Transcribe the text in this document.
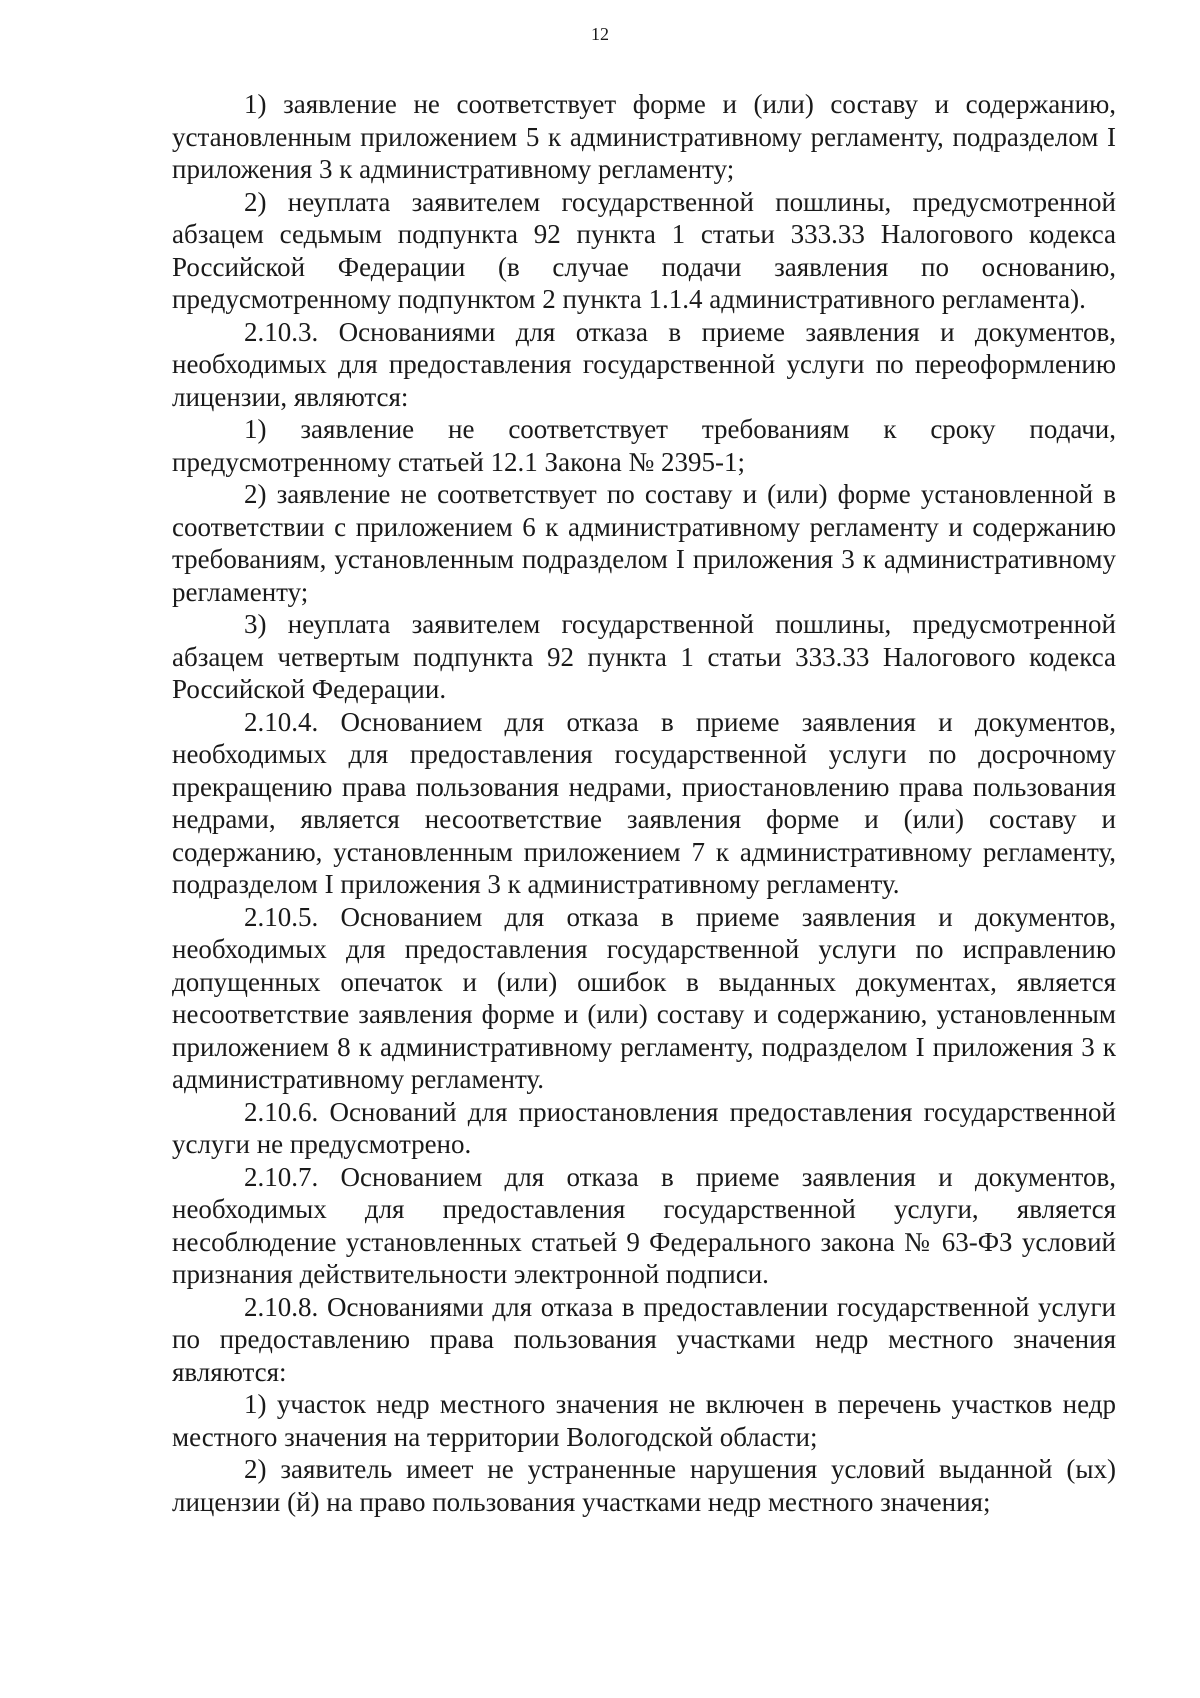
12

1) заявление не соответствует форме и (или) составу и содержанию, установленным приложением 5 к административному регламенту, подразделом I приложения 3 к административному регламенту;

2) неуплата заявителем государственной пошлины, предусмотренной абзацем седьмым подпункта 92 пункта 1 статьи 333.33 Налогового кодекса Российской Федерации (в случае подачи заявления по основанию, предусмотренному подпунктом 2 пункта 1.1.4 административного регламента).

2.10.3. Основаниями для отказа в приеме заявления и документов, необходимых для предоставления государственной услуги по переоформлению лицензии, являются:

1) заявление не соответствует требованиям к сроку подачи, предусмотренному статьей 12.1 Закона № 2395-1;

2) заявление не соответствует по составу и (или) форме установленной в соответствии с приложением 6 к административному регламенту и содержанию требованиям, установленным подразделом I приложения 3 к административному регламенту;

3) неуплата заявителем государственной пошлины, предусмотренной абзацем четвертым подпункта 92 пункта 1 статьи 333.33 Налогового кодекса Российской Федерации.

2.10.4. Основанием для отказа в приеме заявления и документов, необходимых для предоставления государственной услуги по досрочному прекращению права пользования недрами, приостановлению права пользования недрами, является несоответствие заявления форме и (или) составу и содержанию, установленным приложением 7 к административному регламенту, подразделом I приложения 3 к административному регламенту.

2.10.5. Основанием для отказа в приеме заявления и документов, необходимых для предоставления государственной услуги по исправлению допущенных опечаток и (или) ошибок в выданных документах, является несоответствие заявления форме и (или) составу и содержанию, установленным приложением 8 к административному регламенту, подразделом I приложения 3 к административному регламенту.

2.10.6. Оснований для приостановления предоставления государственной услуги не предусмотрено.

2.10.7. Основанием для отказа в приеме заявления и документов, необходимых для предоставления государственной услуги, является несоблюдение установленных статьей 9 Федерального закона № 63-ФЗ условий признания действительности электронной подписи.

2.10.8. Основаниями для отказа в предоставлении государственной услуги по предоставлению права пользования участками недр местного значения являются:

1) участок недр местного значения не включен в перечень участков недр местного значения на территории Вологодской области;

2) заявитель имеет не устраненные нарушения условий выданной (ых) лицензии (й) на право пользования участками недр местного значения;
